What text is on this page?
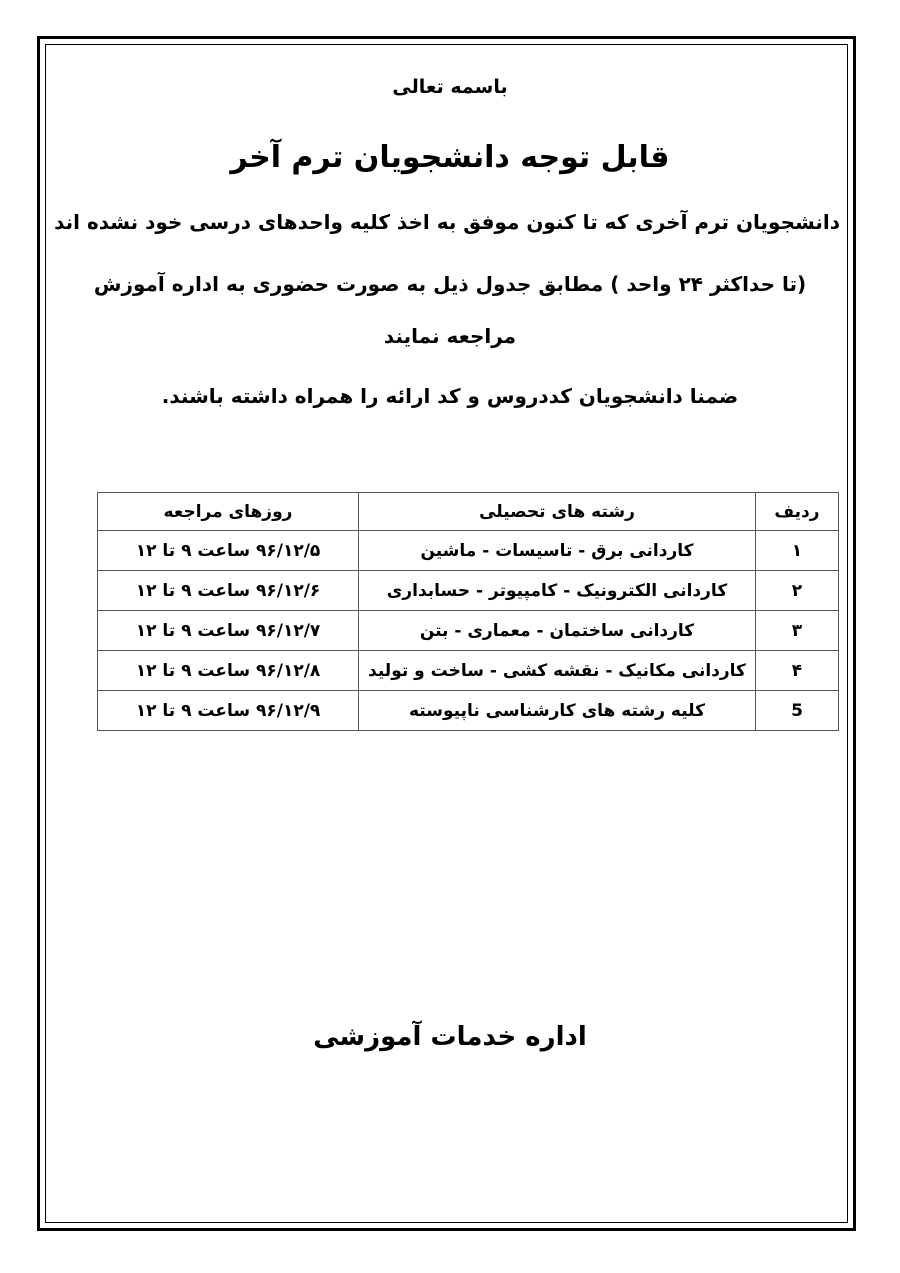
باسمه تعالی
قابل توجه دانشجویان ترم آخر
دانشجویان ترم آخری که تا کنون موفق به اخذ کلیه واحدهای درسی خود نشده اند
(تا حداکثر ۲۴ واحد ) مطابق جدول ذیل به صورت حضوری به اداره آموزش
مراجعه نمایند
ضمنا دانشجویان کددروس و کد ارائه را همراه داشته باشند.
ردیف	رشته های تحصیلی	روزهای مراجعه
۱	کاردانی برق - تاسیسات - ماشین	۹۶/۱۲/۵ ساعت ۹ تا ۱۲
۲	کاردانی الکترونیک - کامپیوتر - حسابداری	۹۶/۱۲/۶ ساعت ۹ تا ۱۲
۳	کاردانی ساختمان - معماری - بتن	۹۶/۱۲/۷ ساعت ۹ تا ۱۲
۴	کاردانی مکانیک - نقشه کشی - ساخت و تولید	۹۶/۱۲/۸ ساعت ۹ تا ۱۲
5	کلیه رشته های کارشناسی ناپیوسته	۹۶/۱۲/۹ ساعت ۹ تا ۱۲
اداره خدمات آموزشی
